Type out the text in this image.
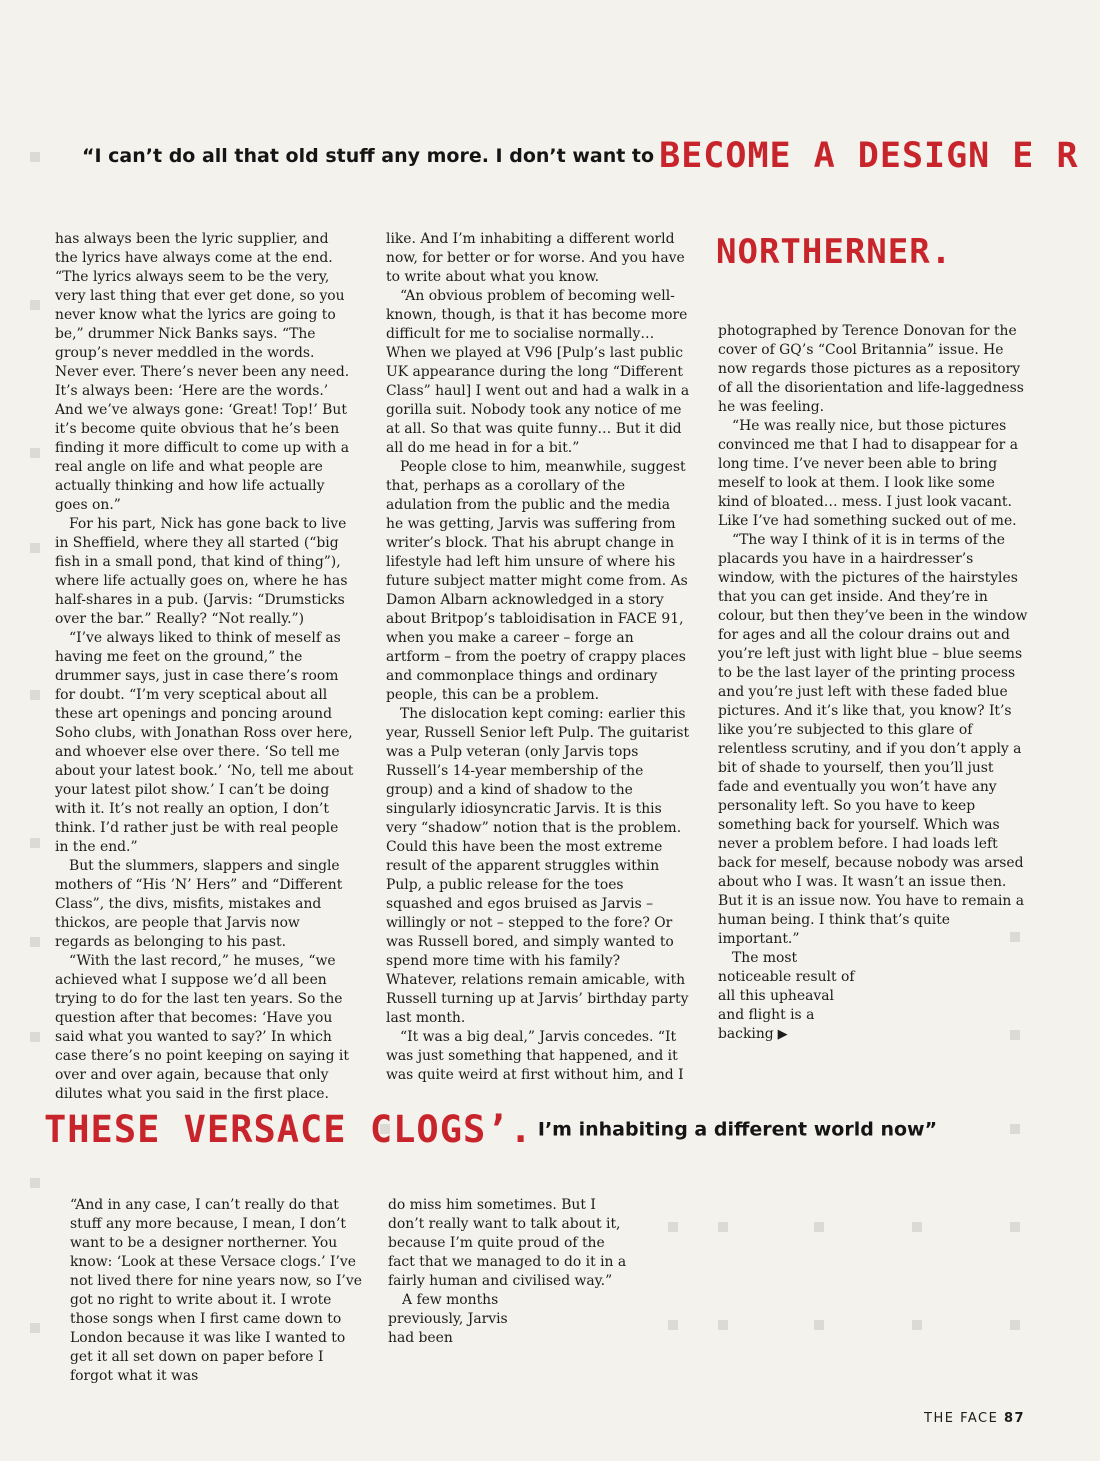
“I can’t do all that old stuff any more. I don’t want to BECOME A DESIGN E R
NORTHERNER.

has always been the lyric supplier, and the lyrics have always come at the end. “The lyrics always seem to be the very, very last thing that ever get done, so you never know what the lyrics are going to be,” drummer Nick Banks says. “The group’s never meddled in the words. Never ever. There’s never been any need. It’s always been: ‘Here are the words.’ And we’ve always gone: ‘Great! Top!’ But it’s become quite obvious that he’s been finding it more difficult to come up with a real angle on life and what people are actually thinking and how life actually goes on.”

For his part, Nick has gone back to live in Sheffield, where they all started (“big fish in a small pond, that kind of thing”), where life actually goes on, where he has half-shares in a pub. (Jarvis: “Drumsticks over the bar.” Really? “Not really.”)

“I’ve always liked to think of meself as having me feet on the ground,” the drummer says, just in case there’s room for doubt. “I’m very sceptical about all these art openings and poncing around Soho clubs, with Jonathan Ross over here, and whoever else over there. ‘So tell me about your latest book.’ ‘No, tell me about your latest pilot show.’ I can’t be doing with it. It’s not really an option, I don’t think. I’d rather just be with real people in the end.”

But the slummers, slappers and single mothers of “His ’N’ Hers” and “Different Class”, the divs, misfits, mistakes and thickos, are people that Jarvis now regards as belonging to his past.

“With the last record,” he muses, “we achieved what I suppose we’d all been trying to do for the last ten years. So the question after that becomes: ‘Have you said what you wanted to say?’ In which case there’s no point keeping on saying it over and over again, because that only dilutes what you said in the first place.

like. And I’m inhabiting a different world now, for better or for worse. And you have to write about what you know.

“An obvious problem of becoming well-known, though, is that it has become more difficult for me to socialise normally… When we played at V96 [Pulp’s last public UK appearance during the long “Different Class” haul] I went out and had a walk in a gorilla suit. Nobody took any notice of me at all. So that was quite funny… But it did all do me head in for a bit.”

People close to him, meanwhile, suggest that, perhaps as a corollary of the adulation from the public and the media he was getting, Jarvis was suffering from writer’s block. That his abrupt change in lifestyle had left him unsure of where his future subject matter might come from. As Damon Albarn acknowledged in a story about Britpop’s tabloidisation in FACE 91, when you make a career – forge an artform – from the poetry of crappy places and commonplace things and ordinary people, this can be a problem.

The dislocation kept coming: earlier this year, Russell Senior left Pulp. The guitarist was a Pulp veteran (only Jarvis tops Russell’s 14-year membership of the group) and a kind of shadow to the singularly idiosyncratic Jarvis. It is this very “shadow” notion that is the problem. Could this have been the most extreme result of the apparent struggles within Pulp, a public release for the toes squashed and egos bruised as Jarvis – willingly or not – stepped to the fore? Or was Russell bored, and simply wanted to spend more time with his family? Whatever, relations remain amicable, with Russell turning up at Jarvis’ birthday party last month.

“It was a big deal,” Jarvis concedes. “It was just something that happened, and it was quite weird at first without him, and I

photographed by Terence Donovan for the cover of GQ’s “Cool Britannia” issue. He now regards those pictures as a repository of all the disorientation and life-laggedness he was feeling.

“He was really nice, but those pictures convinced me that I had to disappear for a long time. I’ve never been able to bring meself to look at them. I look like some kind of bloated… mess. I just look vacant. Like I’ve had something sucked out of me.

“The way I think of it is in terms of the placards you have in a hairdresser’s window, with the pictures of the hairstyles that you can get inside. And they’re in colour, but then they’ve been in the window for ages and all the colour drains out and you’re left just with light blue – blue seems to be the last layer of the printing process and you’re just left with these faded blue pictures. And it’s like that, you know? It’s like you’re subjected to this glare of relentless scrutiny, and if you don’t apply a bit of shade to yourself, then you’ll just fade and eventually you won’t have any personality left. So you have to keep something back for yourself. Which was never a problem before. I had loads left back for meself, because nobody was arsed about who I was. It wasn’t an issue then. But it is an issue now. You have to remain a human being. I think that’s quite important.”

The most noticeable result of all this upheaval and flight is a backing ▶

THESE VERSACE CLOGS’. I’m inhabiting a different world now”

“And in any case, I can’t really do that stuff any more because, I mean, I don’t want to be a designer northerner. You know: ‘Look at these Versace clogs.’ I’ve not lived there for nine years now, so I’ve got no right to write about it. I wrote those songs when I first came down to London because it was like I wanted to get it all set down on paper before I forgot what it was

do miss him sometimes. But I don’t really want to talk about it, because I’m quite proud of the fact that we managed to do it in a fairly human and civilised way.”

A few months previously, Jarvis had been

THE FACE 87
